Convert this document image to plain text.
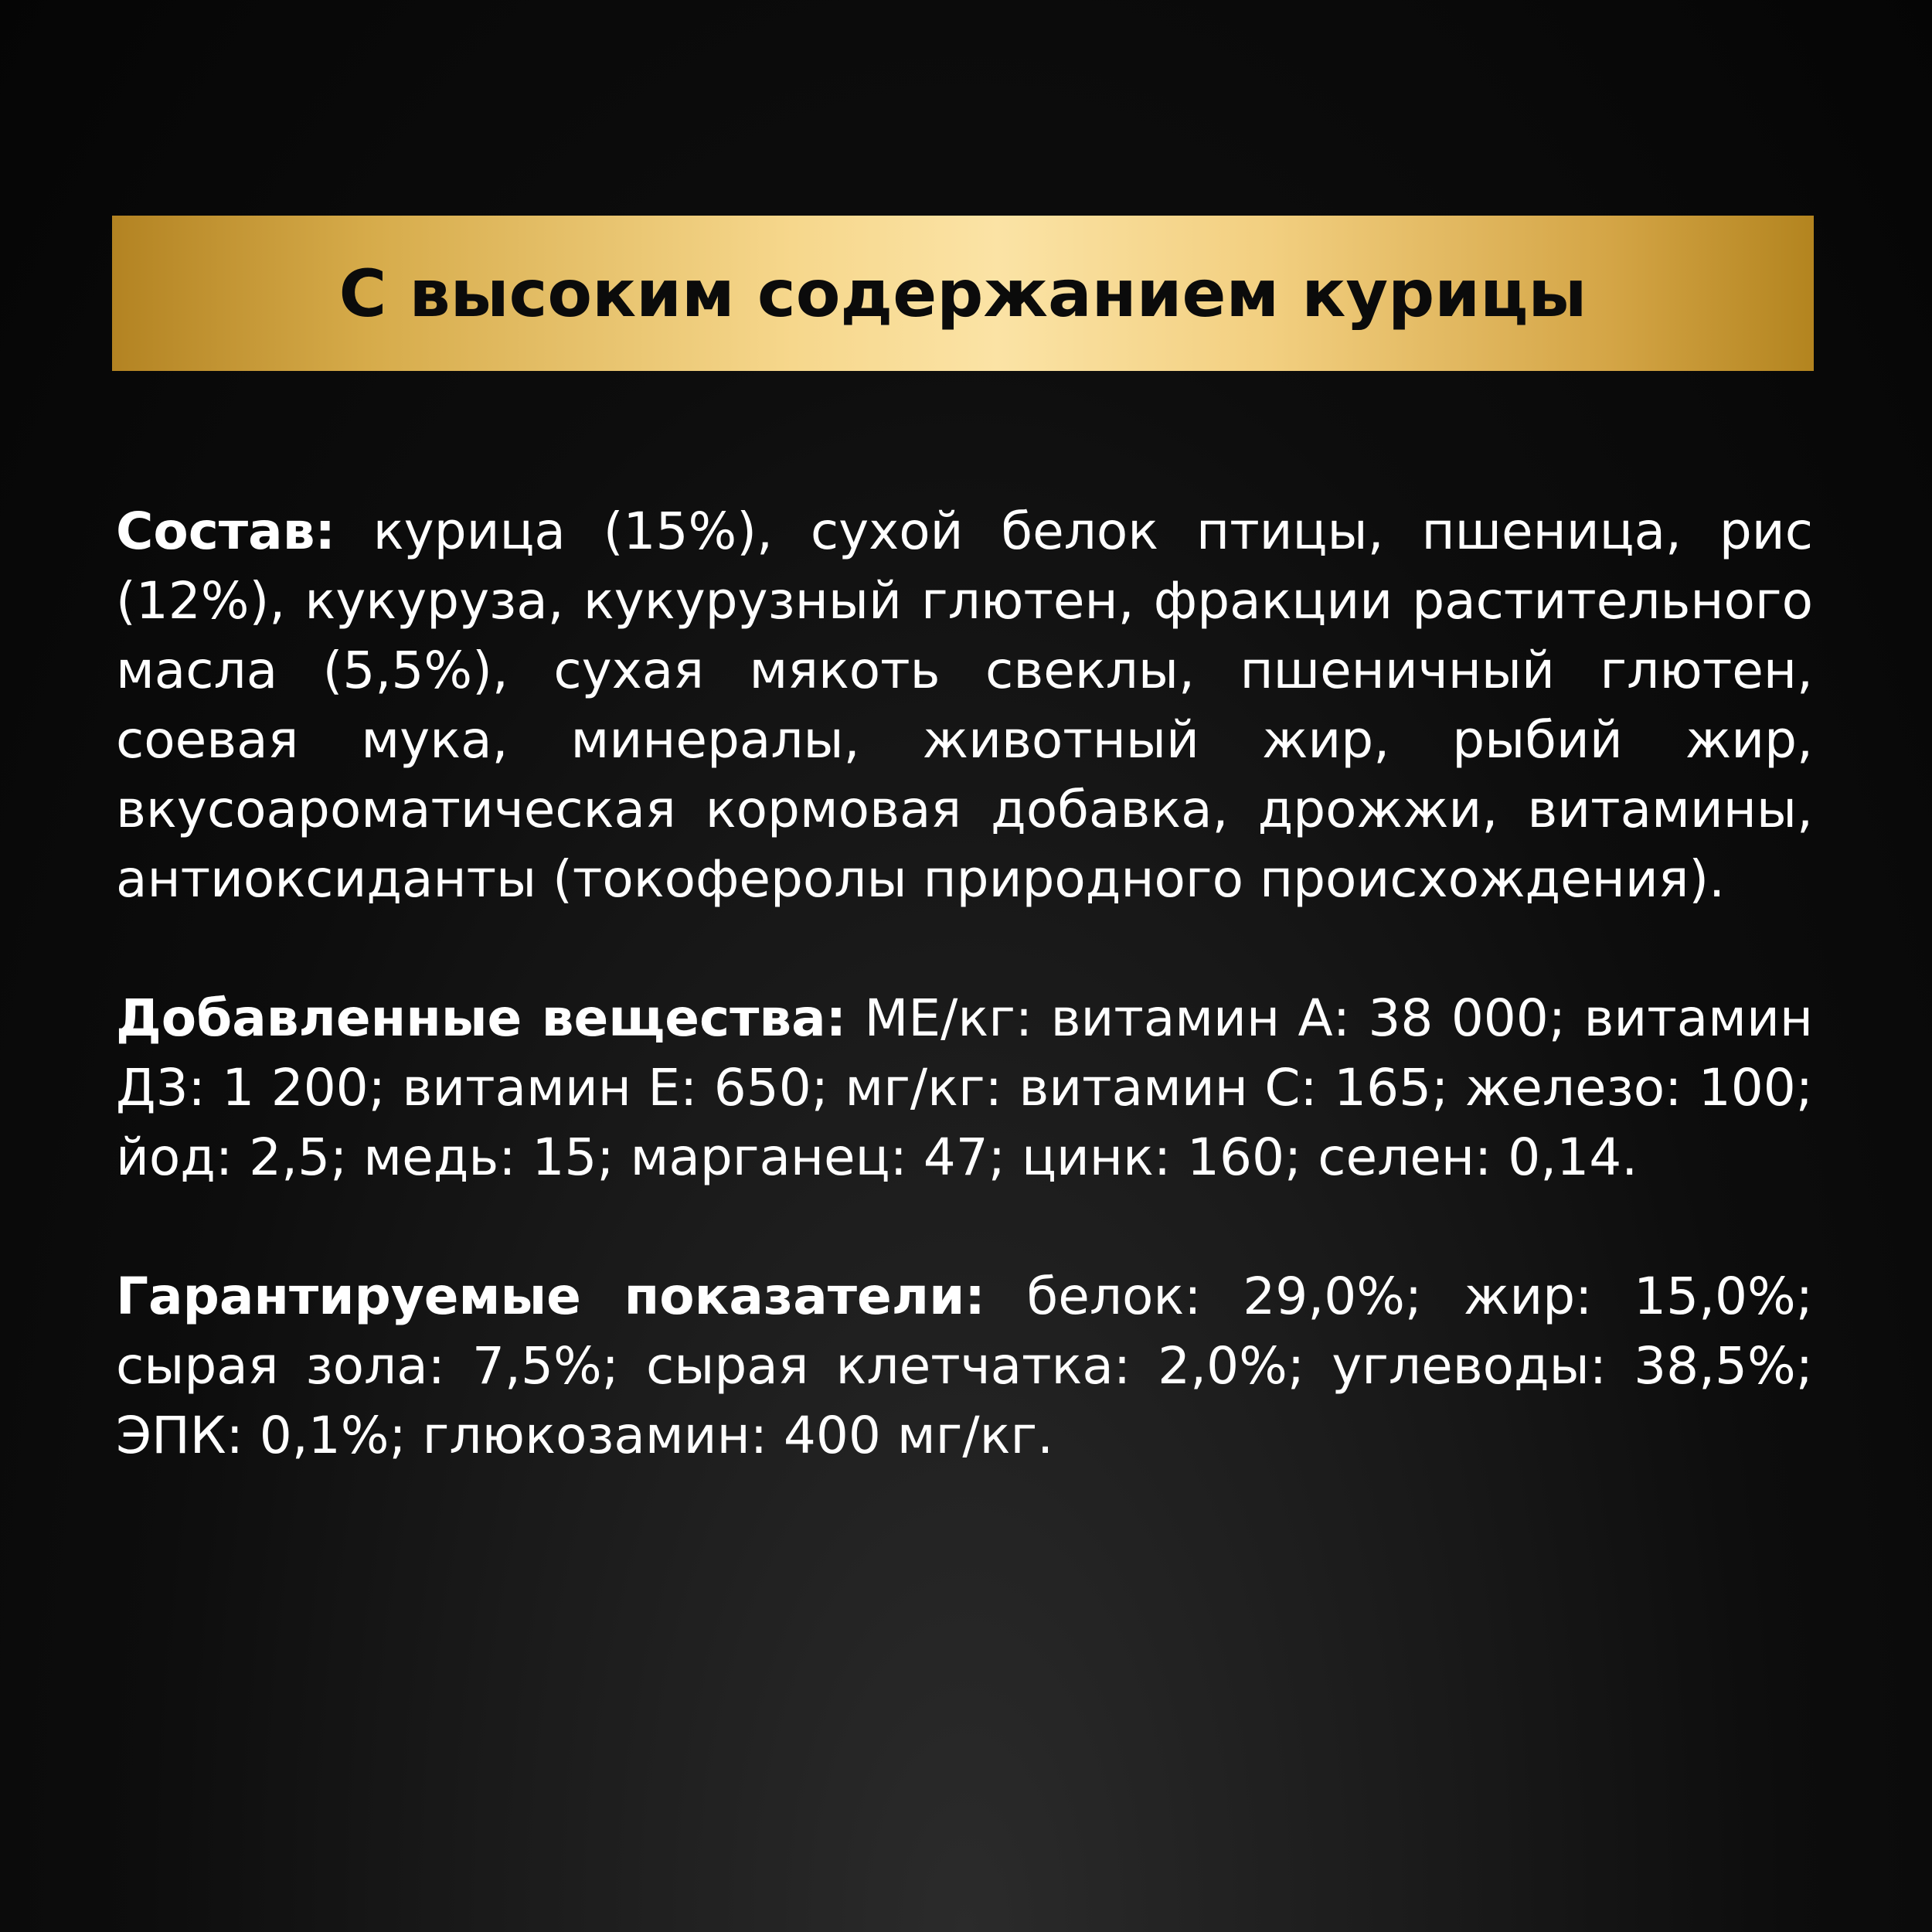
С высоким содержанием курицы

Состав: курица (15%), сухой белок птицы, пшеница, рис (12%), кукуруза, кукурузный глютен, фракции растительного масла (5,5%), сухая мякоть свеклы, пшеничный глютен, соевая мука, минералы, животный жир, рыбий жир, вкусоароматическая кормовая добавка, дрожжи, витамины, антиоксиданты (токоферолы природного происхождения).

Добавленные вещества: МЕ/кг: витамин А: 38 000; витамин Д3: 1 200; витамин Е: 650; мг/кг: витамин С: 165; железо: 100; йод: 2,5; медь: 15; марганец: 47; цинк: 160; селен: 0,14.

Гарантируемые показатели: белок: 29,0%; жир: 15,0%; сырая зола: 7,5%; сырая клетчатка: 2,0%; углеводы: 38,5%; ЭПК: 0,1%; глюкозамин: 400 мг/кг.
